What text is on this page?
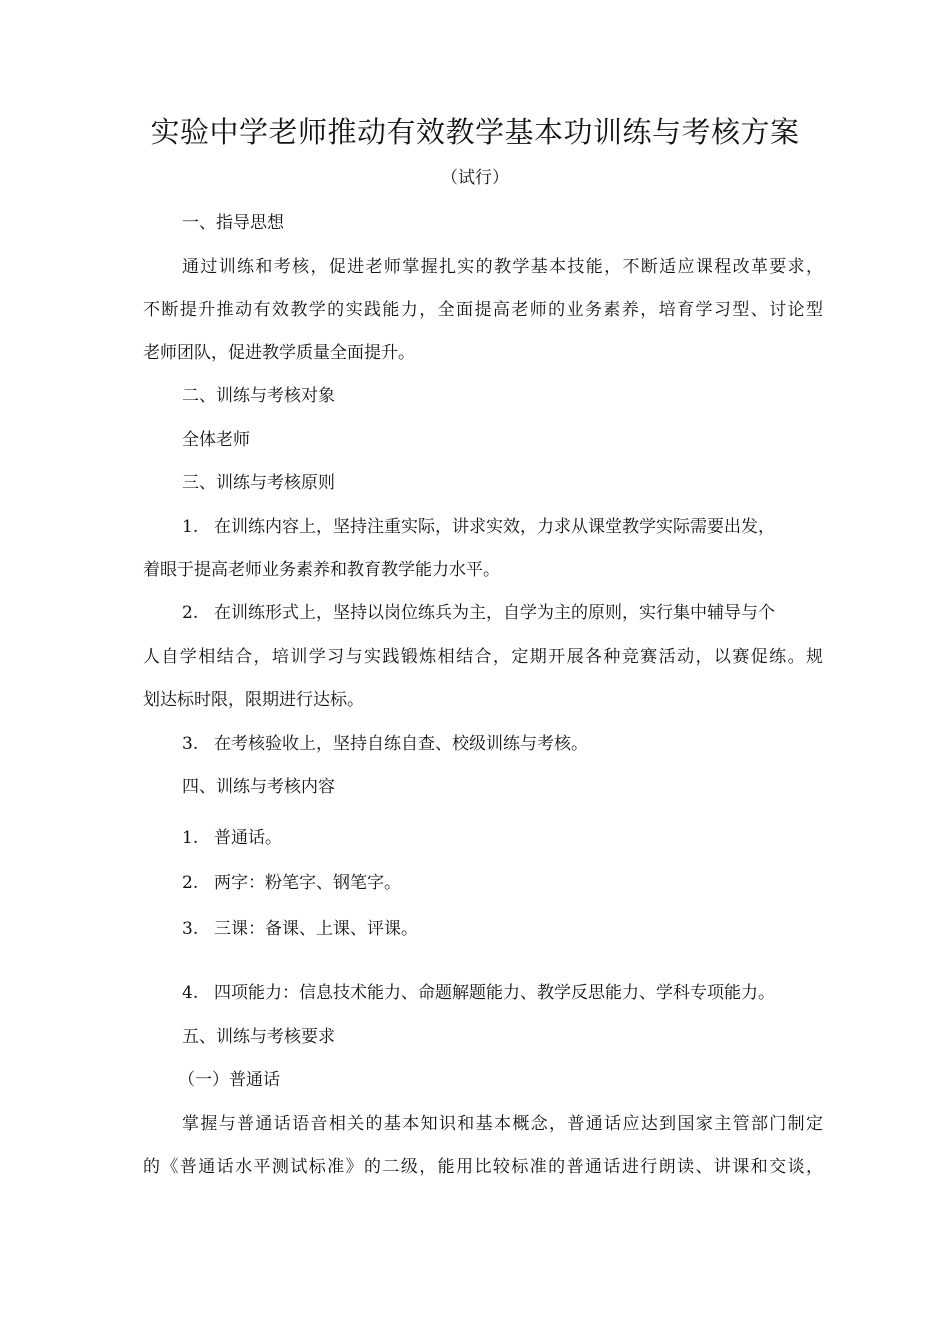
实验中学老师推动有效教学基本功训练与考核方案
（试行）
一、指导思想
通过训练和考核，促进老师掌握扎实的教学基本技能，不断适应课程改革要求，
不断提升推动有效教学的实践能力，全面提高老师的业务素养，培育学习型、讨论型
老师团队，促进教学质量全面提升。
二、训练与考核对象
全体老师
三、训练与考核原则
1. 在训练内容上，坚持注重实际，讲求实效，力求从课堂教学实际需要出发，
着眼于提高老师业务素养和教育教学能力水平。
2. 在训练形式上，坚持以岗位练兵为主，自学为主的原则，实行集中辅导与个
人自学相结合，培训学习与实践锻炼相结合，定期开展各种竞赛活动，以赛促练。规
划达标时限，限期进行达标。
3. 在考核验收上，坚持自练自查、校级训练与考核。
四、训练与考核内容
1. 普通话。
2. 两字：粉笔字、钢笔字。
3. 三课：备课、上课、评课。
4. 四项能力：信息技术能力、命题解题能力、教学反思能力、学科专项能力。
五、训练与考核要求
（一）普通话
掌握与普通话语音相关的基本知识和基本概念，普通话应达到国家主管部门制定
的《普通话水平测试标准》的二级，能用比较标准的普通话进行朗读、讲课和交谈，
